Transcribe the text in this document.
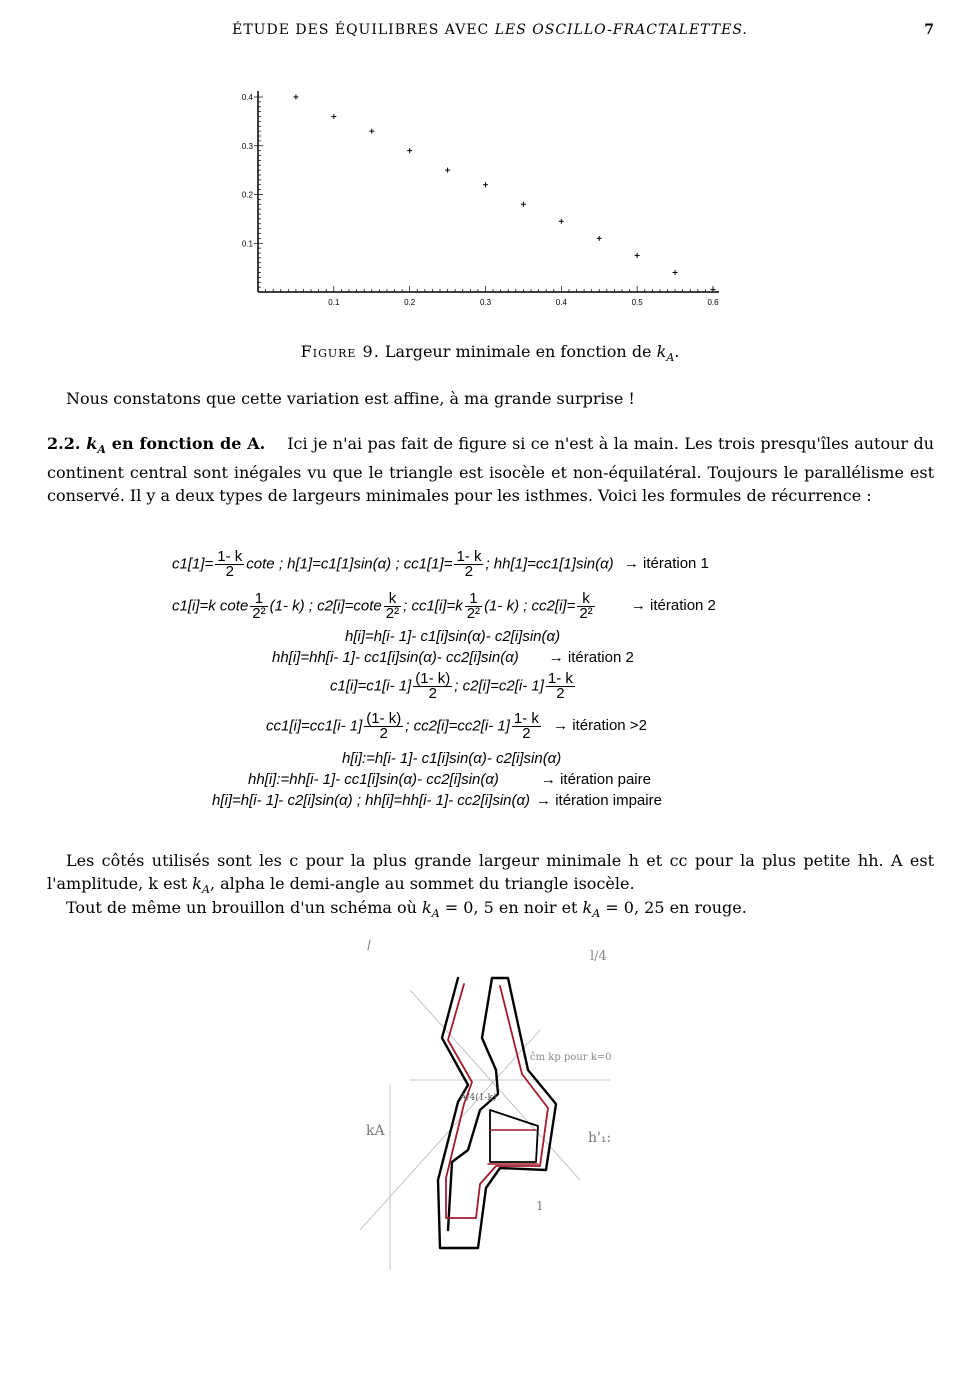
ÉTUDE DES ÉQUILIBRES AVEC LES OSCILLO-FRACTALETTES.	7
0.1	0.2	0.3	0.4	0.5	0.6
0.1
0.2
0.3
0.4
Figure 9. Largeur minimale en fonction de $k_A$.

Nous constatons que cette variation est affine, à ma grande surprise !

2.2. $k_A$ en fonction de A. Ici je n'ai pas fait de figure si ce n'est à la main. Les trois presqu'îles autour du continent central sont inégales vu que le triangle est isocèle et non-équilatéral. Toujours le parallélisme est conservé. Il y a deux types de largeurs minimales pour les isthmes. Voici les formules de récurrence :

$c1[1]= \frac{1- k}{2}$ cote ; h[1]=c1[1]sin(α) ; $cc1[1]= \frac{1- k}{2}$ ; hh[1]=cc1[1]sin(α) → itération 1
c1[i]=k cote $\frac{1}{\text{2²}} (1-$ k) ; $c2[i]=\cot e \frac{k}{\text{2²}}$ ; $cc1[i]=k \frac{1}{\text{2²}} (1-$ k) ; $cc2[i]= \frac{k}{\text{2²}}$ → itération 2
h[i]=h[i- 1]- c1[i]sin(α)- c2[i]sin(α)
hh[i]=hh[i- 1]- cc1[i]sin(α)- cc2[i]sin(α) → itération 2
c1[i]=c1[i- $1] \frac{(1- k)}{2}$ ; c2[i]=c2[i- $1] \frac{1- k}{2}$
cc1[i]=cc1[i- $1] \frac{(1- k)}{2}$ ; cc2[i]=cc2[i- $1] \frac{1- k}{2}$ → itération >2
h[i]:=h[i- 1]- c1[i]sin(α)- c2[i]sin(α)
hh[i]:=hh[i- 1]- cc1[i]sin(α)- cc2[i]sin(α)	→ itération paire
h[i]=h[i- 1]- c2[i]sin(α) ; hh[i]=hh[i- 1]- cc2[i]sin(α) → itération impaire

Les côtés utilisés sont les c pour la plus grande largeur minimale h et cc pour la plus petite hh. A est l'amplitude, k est $k_A$, alpha le demi-angle au sommet du triangle isocèle.

Tout de même un brouillon d'un schéma où $k_A = 0$, 5 en noir et $k_A = 0$, 25 en rouge.

kA	h'₁:
l/4
1
A/4(1-k)
ĉm kp pour k=0
